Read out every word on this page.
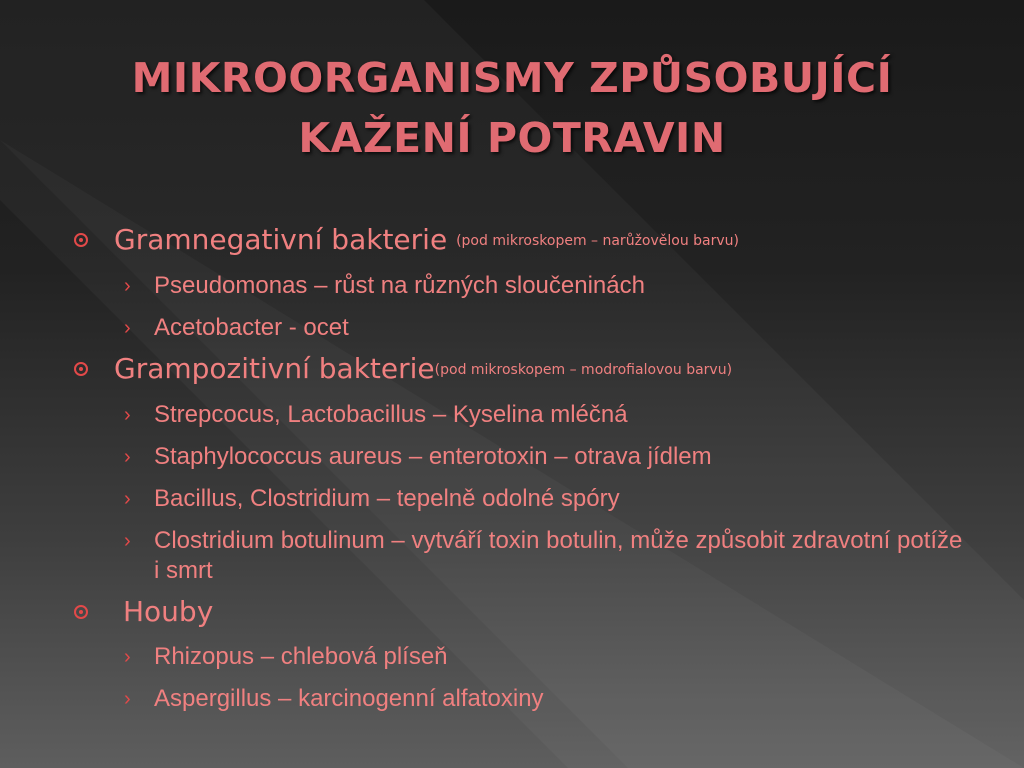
MIKROORGANISMY ZPŮSOBUJÍCÍ
KAŽENÍ POTRAVIN
Gramnegativní bakterie (pod mikroskopem – narůžovělou barvu)
› Pseudomonas – růst na různých sloučeninách
› Acetobacter - ocet
Grampozitivní bakterie(pod mikroskopem – modrofialovou barvu)
› Strepcocus, Lactobacillus – Kyselina mléčná
› Staphylococcus aureus – enterotoxin – otrava jídlem
› Bacillus, Clostridium – tepelně odolné spóry
› Clostridium botulinum – vytváří toxin botulin, může způsobit zdravotní potíže i smrt
Houby
› Rhizopus – chlebová plíseň
› Aspergillus – karcinogenní alfatoxiny
